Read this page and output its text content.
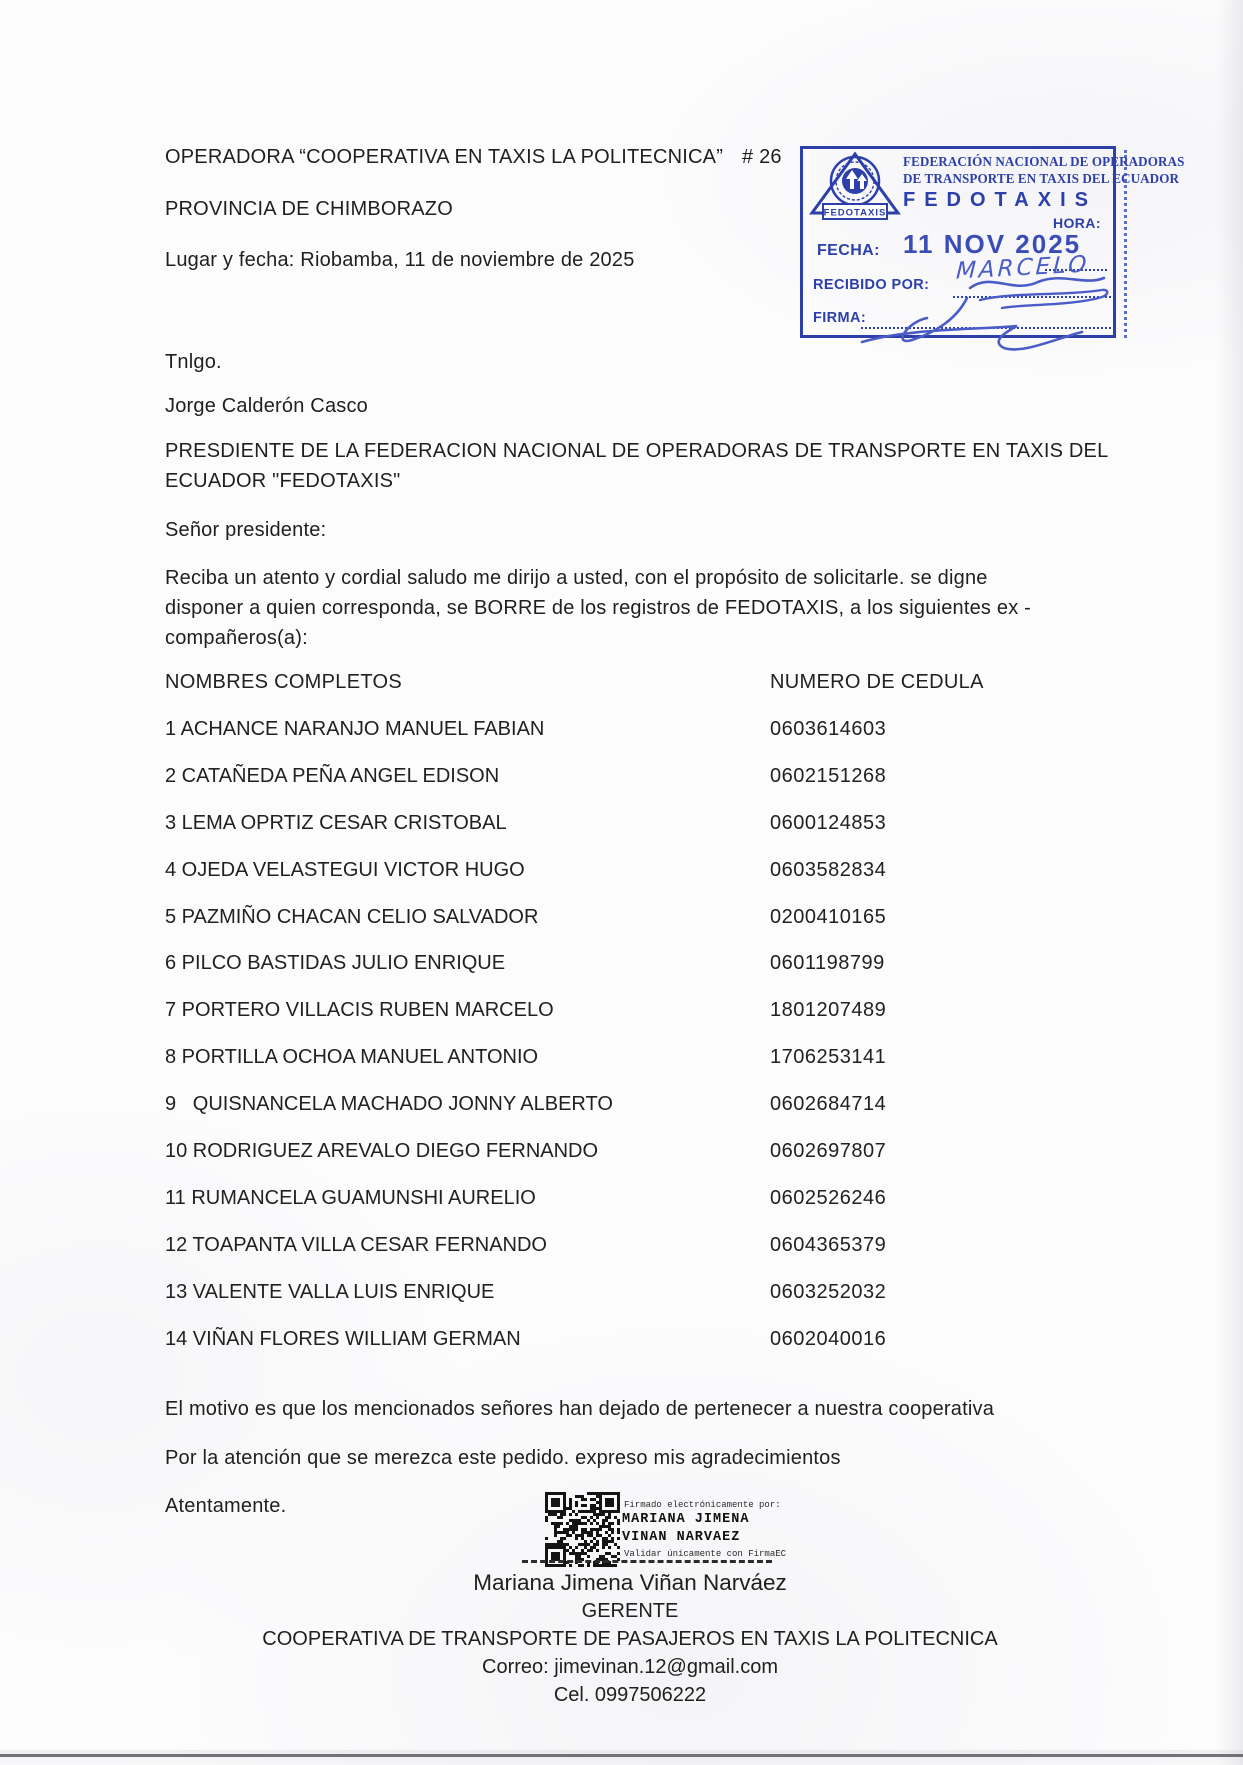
OPERADORA “COOPERATIVA EN TAXIS LA POLITECNICA” # 26
PROVINCIA DE CHIMBORAZO
Lugar y fecha: Riobamba, 11 de noviembre de 2025
FEDOTAXIS
FEDERACIÓN NACIONAL DE OPERADORAS
DE TRANSPORTE EN TAXIS DEL ECUADOR
FEDOTAXIS
HORA:
FECHA: 11 NOV 2025
RECIBIDO POR:
FIRMA:
MARCELO
Tnlgo.
Jorge Calderón Casco
PRESDIENTE DE LA FEDERACION NACIONAL DE OPERADORAS DE TRANSPORTE EN TAXIS DEL
ECUADOR "FEDOTAXIS"
Señor presidente:
Reciba un atento y cordial saludo me dirijo a usted, con el propósito de solicitarle. se digne
disponer a quien corresponda, se BORRE de los registros de FEDOTAXIS, a los siguientes ex -
compañeros(a):
NOMBRES COMPLETOS	NUMERO DE CEDULA
1 ACHANCE NARANJO MANUEL FABIAN	0603614603
2 CATAÑEDA PEÑA ANGEL EDISON	0602151268
3 LEMA OPRTIZ CESAR CRISTOBAL	0600124853
4 OJEDA VELASTEGUI VICTOR HUGO	0603582834
5 PAZMIÑO CHACAN CELIO SALVADOR	0200410165
6 PILCO BASTIDAS JULIO ENRIQUE	0601198799
7 PORTERO VILLACIS RUBEN MARCELO	1801207489
8 PORTILLA OCHOA MANUEL ANTONIO	1706253141
9   QUISNANCELA MACHADO JONNY ALBERTO	0602684714
10 RODRIGUEZ AREVALO DIEGO FERNANDO	0602697807
11 RUMANCELA GUAMUNSHI AURELIO	0602526246
12 TOAPANTA VILLA CESAR FERNANDO	0604365379
13 VALENTE VALLA LUIS ENRIQUE	0603252032
14 VIÑAN FLORES WILLIAM GERMAN	0602040016
El motivo es que los mencionados señores han dejado de pertenecer a nuestra cooperativa
Por la atención que se merezca este pedido. expreso mis agradecimientos
Atentamente.	Firmado electrónicamente por:
MARIANA JIMENA
VINAN NARVAEZ
Validar únicamente con FirmaEC
Mariana Jimena Viñan Narváez
GERENTE
COOPERATIVA DE TRANSPORTE DE PASAJEROS EN TAXIS LA POLITECNICA
Correo: jimevinan.12@gmail.com
Cel. 0997506222
